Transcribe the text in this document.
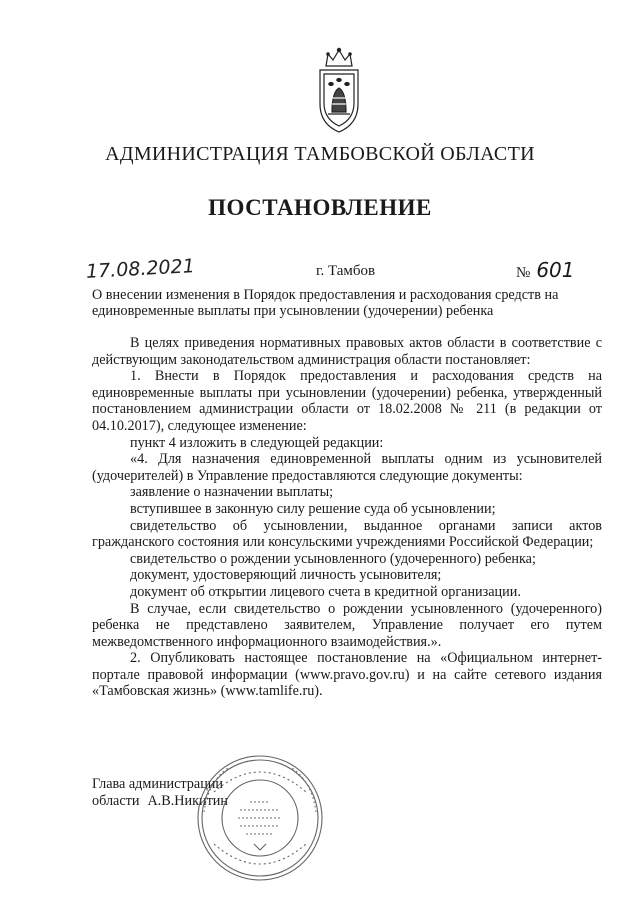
АДМИНИСТРАЦИЯ ТАМБОВСКОЙ ОБЛАСТИ
ПОСТАНОВЛЕНИЕ
17.08.2021	г. Тамбов	№ 601
О внесении изменения в Порядок предоставления и расходования средств на единовременные выплаты при усыновлении (удочерении) ребенка

В целях приведения нормативных правовых актов области в соответствие с действующим законодательством администрация области постановляет:

1. Внести в Порядок предоставления и расходования средств на единовременные выплаты при усыновлении (удочерении) ребенка, утвержденный постановлением администрации области от 18.02.2008 № 211 (в редакции от 04.10.2017), следующее изменение:

пункт 4 изложить в следующей редакции:

«4. Для назначения единовременной выплаты одним из усыновителей (удочерителей) в Управление предоставляются следующие документы:

заявление о назначении выплаты;

вступившее в законную силу решение суда об усыновлении;

свидетельство об усыновлении, выданное органами записи актов гражданского состояния или консульскими учреждениями Российской Федерации;

свидетельство о рождении усыновленного (удочеренного) ребенка;

документ, удостоверяющий личность усыновителя;

документ об открытии лицевого счета в кредитной организации.

В случае, если свидетельство о рождении усыновленного (удочеренного) ребенка не представлено заявителем, Управление получает его путем межведомственного информационного взаимодействия.».

2. Опубликовать настоящее постановление на «Официальном интернет-портале правовой информации (www.pravo.gov.ru) и на сайте сетевого издания «Тамбовская жизнь» (www.tamlife.ru).

Глава администрации
области А.В.Никитин
